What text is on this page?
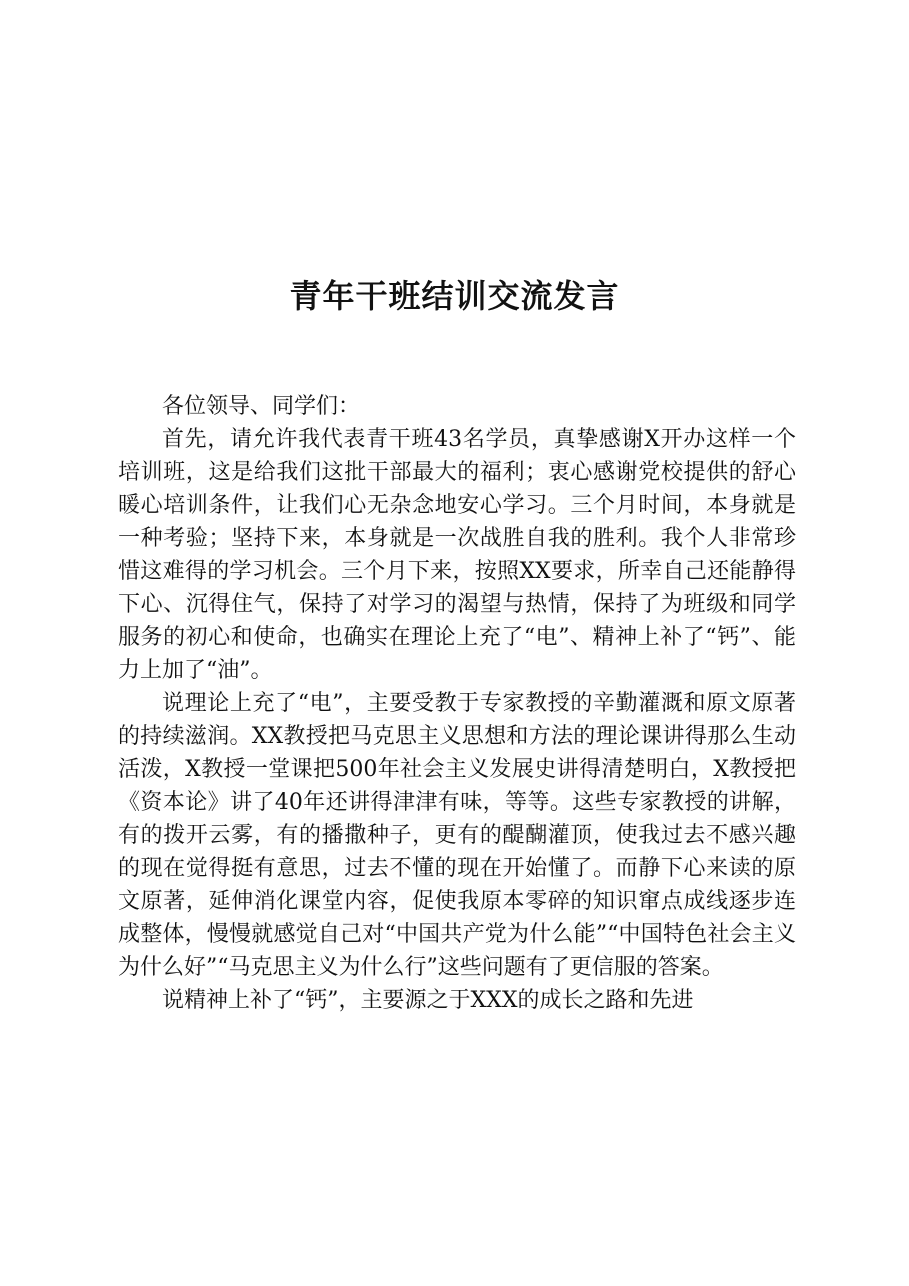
青年干班结训交流发言

各位领导、同学们：

首先，请允许我代表青干班43名学员，真挚感谢X开办这样一个培训班，这是给我们这批干部最大的福利；衷心感谢党校提供的舒心暖心培训条件，让我们心无杂念地安心学习。三个月时间，本身就是一种考验；坚持下来，本身就是一次战胜自我的胜利。我个人非常珍惜这难得的学习机会。三个月下来，按照XX要求，所幸自己还能静得下心、沉得住气，保持了对学习的渴望与热情，保持了为班级和同学服务的初心和使命，也确实在理论上充了“电”、精神上补了“钙”、能力上加了“油”。

说理论上充了“电”，主要受教于专家教授的辛勤灌溉和原文原著的持续滋润。XX教授把马克思主义思想和方法的理论课讲得那么生动活泼，X教授一堂课把500年社会主义发展史讲得清楚明白，X教授把《资本论》讲了40年还讲得津津有味，等等。这些专家教授的讲解，有的拨开云雾，有的播撒种子，更有的醍醐灌顶，使我过去不感兴趣的现在觉得挺有意思，过去不懂的现在开始懂了。而静下心来读的原文原著，延伸消化课堂内容，促使我原本零碎的知识窜点成线逐步连成整体，慢慢就感觉自己对“中国共产党为什么能”“中国特色社会主义为什么好”“马克思主义为什么行”这些问题有了更信服的答案。

说精神上补了“钙”，主要源之于XXX的成长之路和先进
